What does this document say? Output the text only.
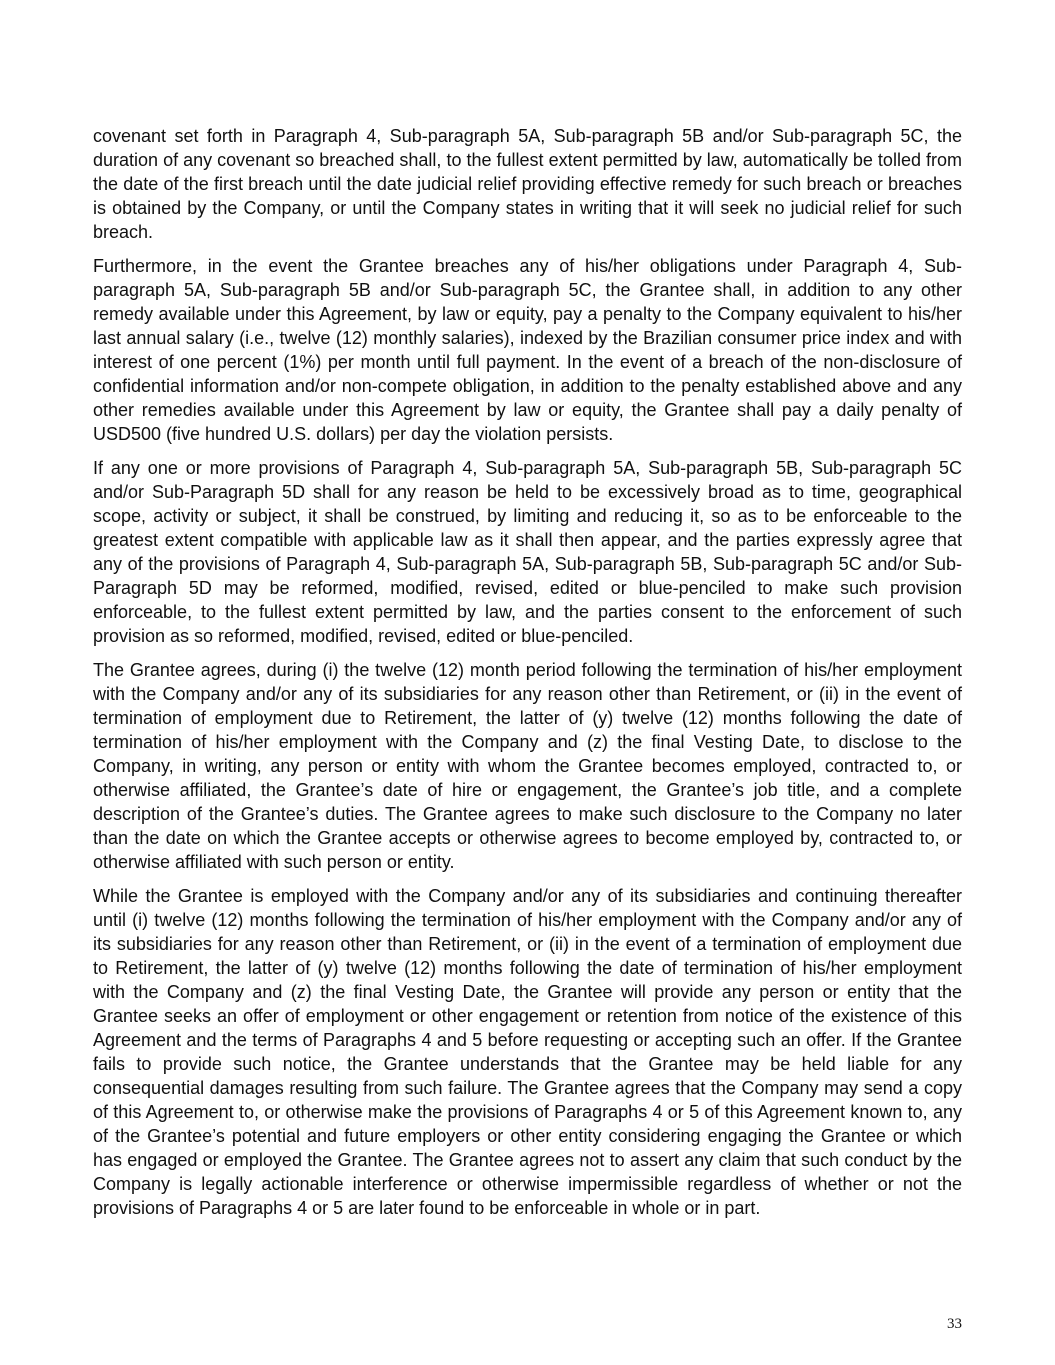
covenant set forth in Paragraph 4, Sub-paragraph 5A, Sub-paragraph 5B and/or Sub-paragraph 5C, the duration of any covenant so breached shall, to the fullest extent permitted by law, automatically be tolled from the date of the first breach until the date judicial relief providing effective remedy for such breach or breaches is obtained by the Company, or until the Company states in writing that it will seek no judicial relief for such breach.

Furthermore, in the event the Grantee breaches any of his/her obligations under Paragraph 4, Sub-paragraph 5A, Sub-paragraph 5B and/or Sub-paragraph 5C, the Grantee shall, in addition to any other remedy available under this Agreement, by law or equity, pay a penalty to the Company equivalent to his/her last annual salary (i.e., twelve (12) monthly salaries), indexed by the Brazilian consumer price index and with interest of one percent (1%) per month until full payment. In the event of a breach of the non-disclosure of confidential information and/or non-compete obligation, in addition to the penalty established above and any other remedies available under this Agreement by law or equity, the Grantee shall pay a daily penalty of USD500 (five hundred U.S. dollars) per day the violation persists.

If any one or more provisions of Paragraph 4, Sub-paragraph 5A, Sub-paragraph 5B, Sub-paragraph 5C and/or Sub-Paragraph 5D shall for any reason be held to be excessively broad as to time, geographical scope, activity or subject, it shall be construed, by limiting and reducing it, so as to be enforceable to the greatest extent compatible with applicable law as it shall then appear, and the parties expressly agree that any of the provisions of Paragraph 4, Sub-paragraph 5A, Sub-paragraph 5B, Sub-paragraph 5C and/or Sub-Paragraph 5D may be reformed, modified, revised, edited or blue-penciled to make such provision enforceable, to the fullest extent permitted by law, and the parties consent to the enforcement of such provision as so reformed, modified, revised, edited or blue-penciled.

The Grantee agrees, during (i) the twelve (12) month period following the termination of his/her employment with the Company and/or any of its subsidiaries for any reason other than Retirement, or (ii) in the event of termination of employment due to Retirement, the latter of (y) twelve (12) months following the date of termination of his/her employment with the Company and (z) the final Vesting Date, to disclose to the Company, in writing, any person or entity with whom the Grantee becomes employed, contracted to, or otherwise affiliated, the Grantee’s date of hire or engagement, the Grantee’s job title, and a complete description of the Grantee’s duties. The Grantee agrees to make such disclosure to the Company no later than the date on which the Grantee accepts or otherwise agrees to become employed by, contracted to, or otherwise affiliated with such person or entity.

While the Grantee is employed with the Company and/or any of its subsidiaries and continuing thereafter until (i) twelve (12) months following the termination of his/her employment with the Company and/or any of its subsidiaries for any reason other than Retirement, or (ii) in the event of a termination of employment due to Retirement, the latter of (y) twelve (12) months following the date of termination of his/her employment with the Company and (z) the final Vesting Date, the Grantee will provide any person or entity that the Grantee seeks an offer of employment or other engagement or retention from notice of the existence of this Agreement and the terms of Paragraphs 4 and 5 before requesting or accepting such an offer. If the Grantee fails to provide such notice, the Grantee understands that the Grantee may be held liable for any consequential damages resulting from such failure. The Grantee agrees that the Company may send a copy of this Agreement to, or otherwise make the provisions of Paragraphs 4 or 5 of this Agreement known to, any of the Grantee’s potential and future employers or other entity considering engaging the Grantee or which has engaged or employed the Grantee. The Grantee agrees not to assert any claim that such conduct by the Company is legally actionable interference or otherwise impermissible regardless of whether or not the provisions of Paragraphs 4 or 5 are later found to be enforceable in whole or in part.

33
